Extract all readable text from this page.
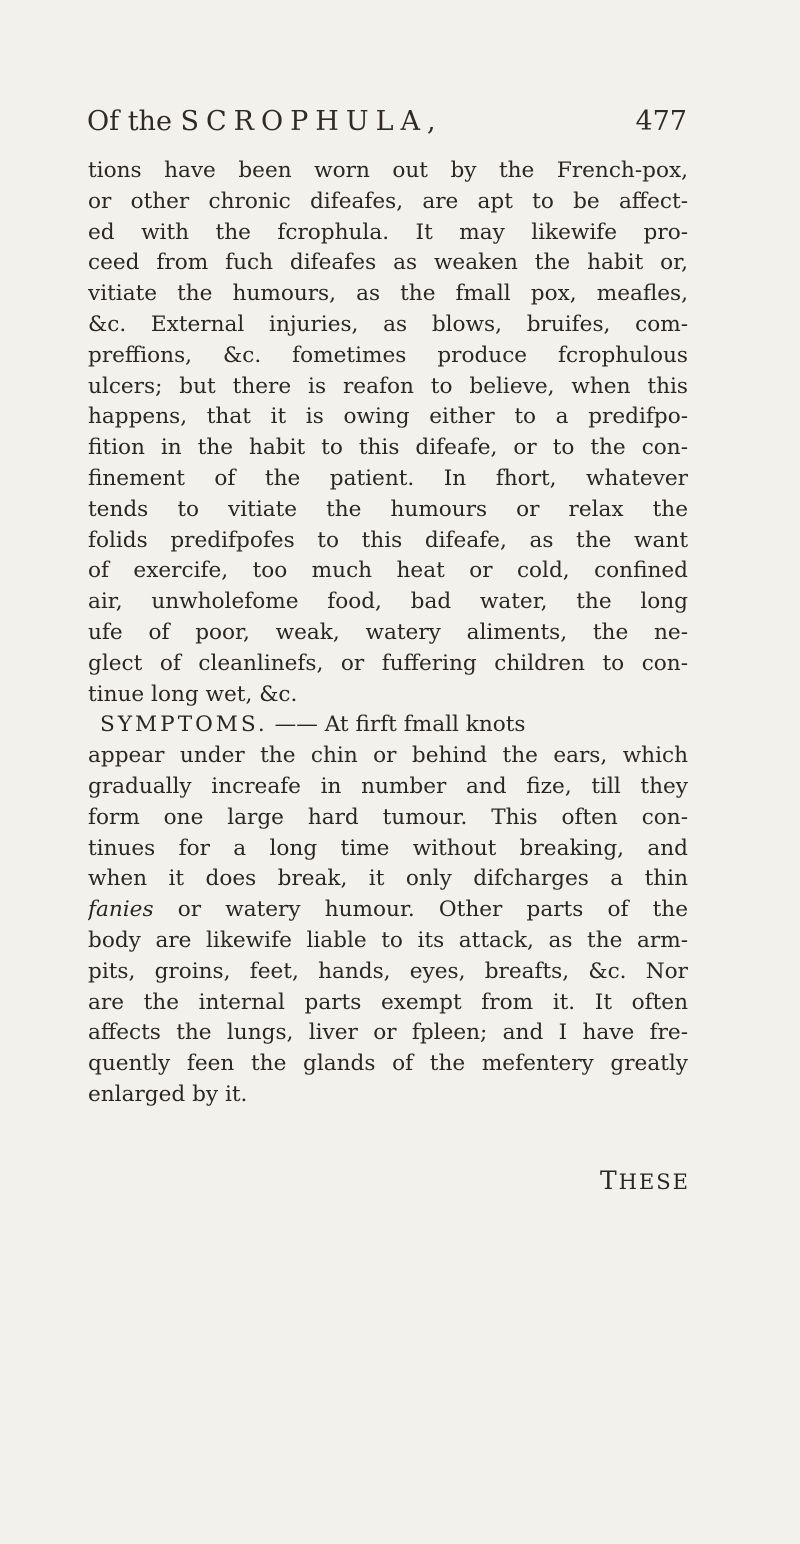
Of the SCROPHULA,	477
tions have been worn out by the French-pox,
or other chronic difeafes, are apt to be affect-
ed with the fcrophula. It may likewife pro-
ceed from fuch difeafes as weaken the habit or,
vitiate the humours, as the fmall pox, meafles,
&c. External injuries, as blows, bruifes, com-
preffions, &c. fometimes produce fcrophulous
ulcers; but there is reafon to believe, when this
happens, that it is owing either to a predifpo-
fition in the habit to this difeafe, or to the con-
finement of the patient. In fhort, whatever
tends to vitiate the humours or relax the
folids predifpofes to this difeafe, as the want
of exercife, too much heat or cold, confined
air, unwholefome food, bad water, the long
ufe of poor, weak, watery aliments, the ne-
glect of cleanlinefs, or fuffering children to con-
tinue long wet, &c.
SYMPTOMS. —— At firft fmall knots
appear under the chin or behind the ears, which
gradually increafe in number and fize, till they
form one large hard tumour. This often con-
tinues for a long time without breaking, and
when it does break, it only difcharges a thin
fanies or watery humour. Other parts of the
body are likewife liable to its attack, as the arm-
pits, groins, feet, hands, eyes, breafts, &c. Nor
are the internal parts exempt from it. It often
affects the lungs, liver or fpleen; and I have fre-
quently feen the glands of the mefentery greatly
enlarged by it.
THESE
